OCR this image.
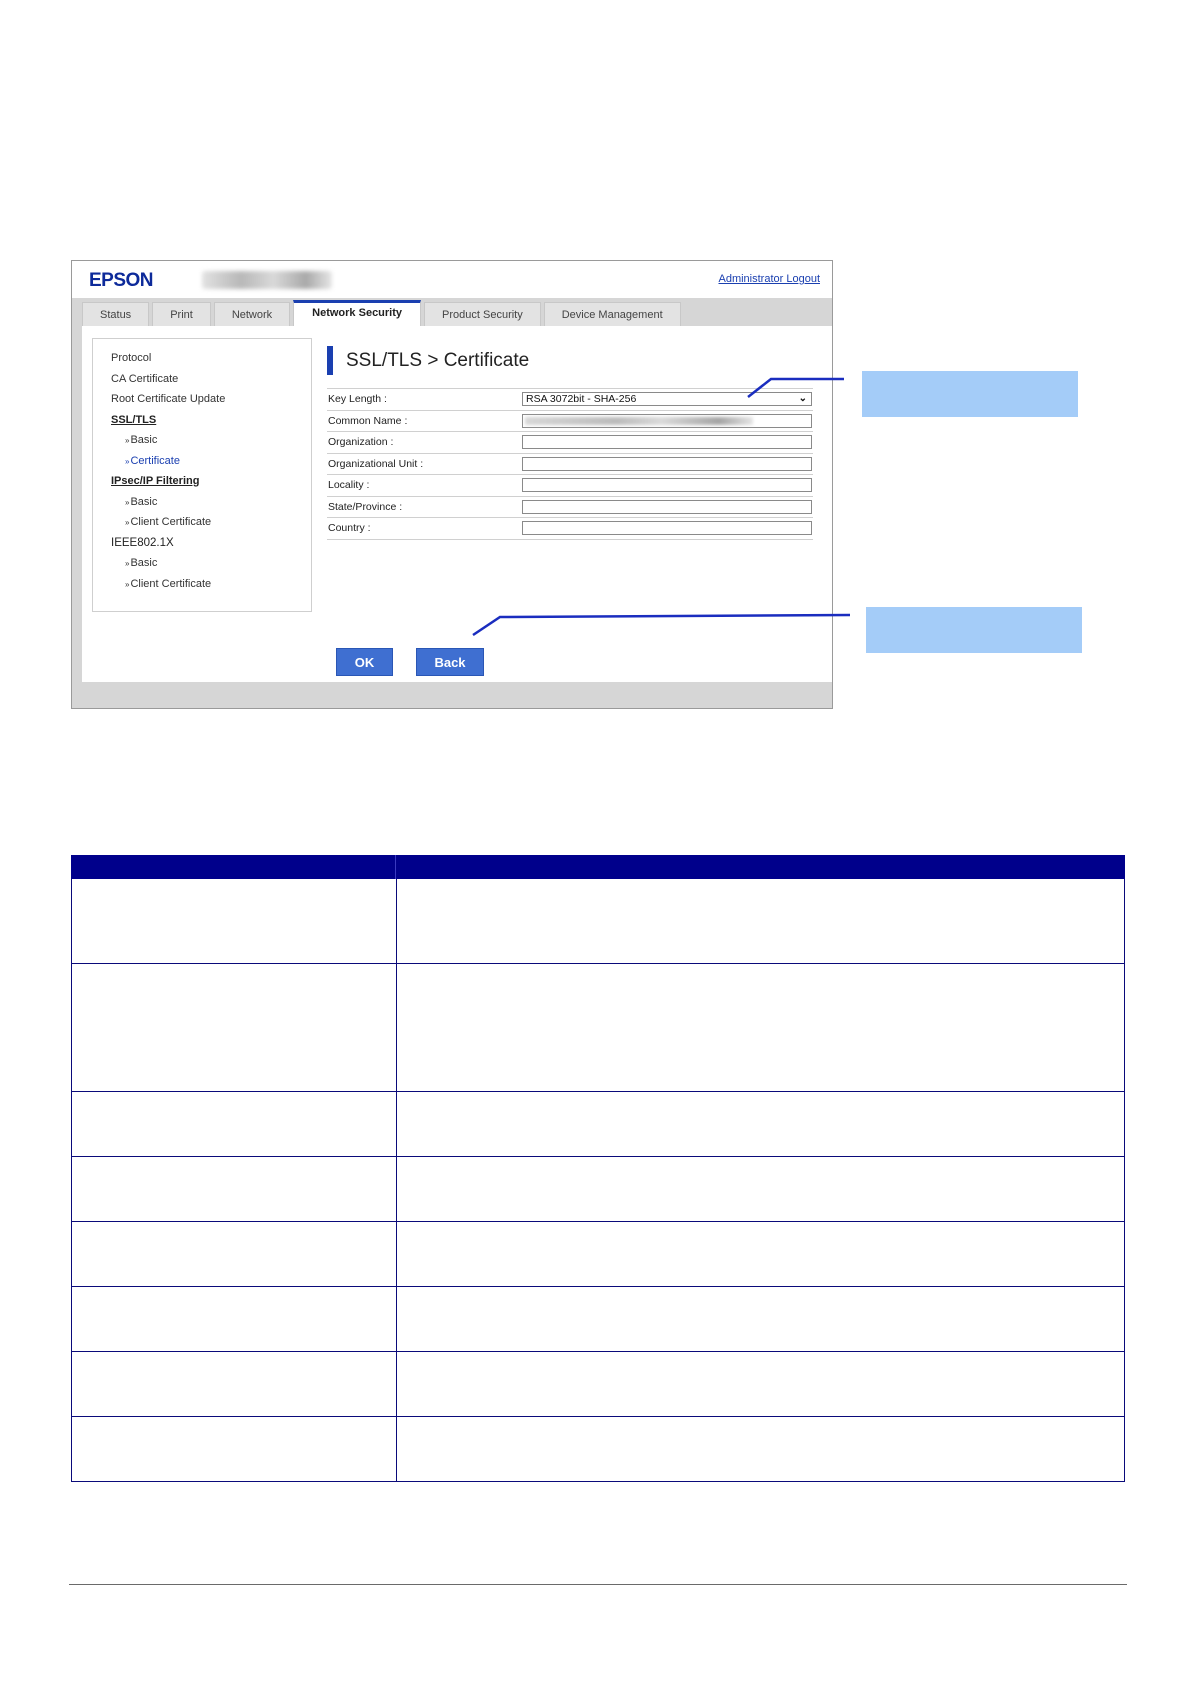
EPSON	Administrator Logout
Status	Print	Network	Network Security	Product Security	Device Management
Protocol
CA Certificate
Root Certificate Update
SSL/TLS
»Basic
»Certificate
IPsec/IP Filtering
»Basic
»Client Certificate
IEEE802.1X
»Basic
»Client Certificate
SSL/TLS > Certificate
Key Length :	RSA 3072bit - SHA-256	⌄
Common Name :
Organization :
Organizational Unit :
Locality :
State/Province :
Country :
OK	Back
